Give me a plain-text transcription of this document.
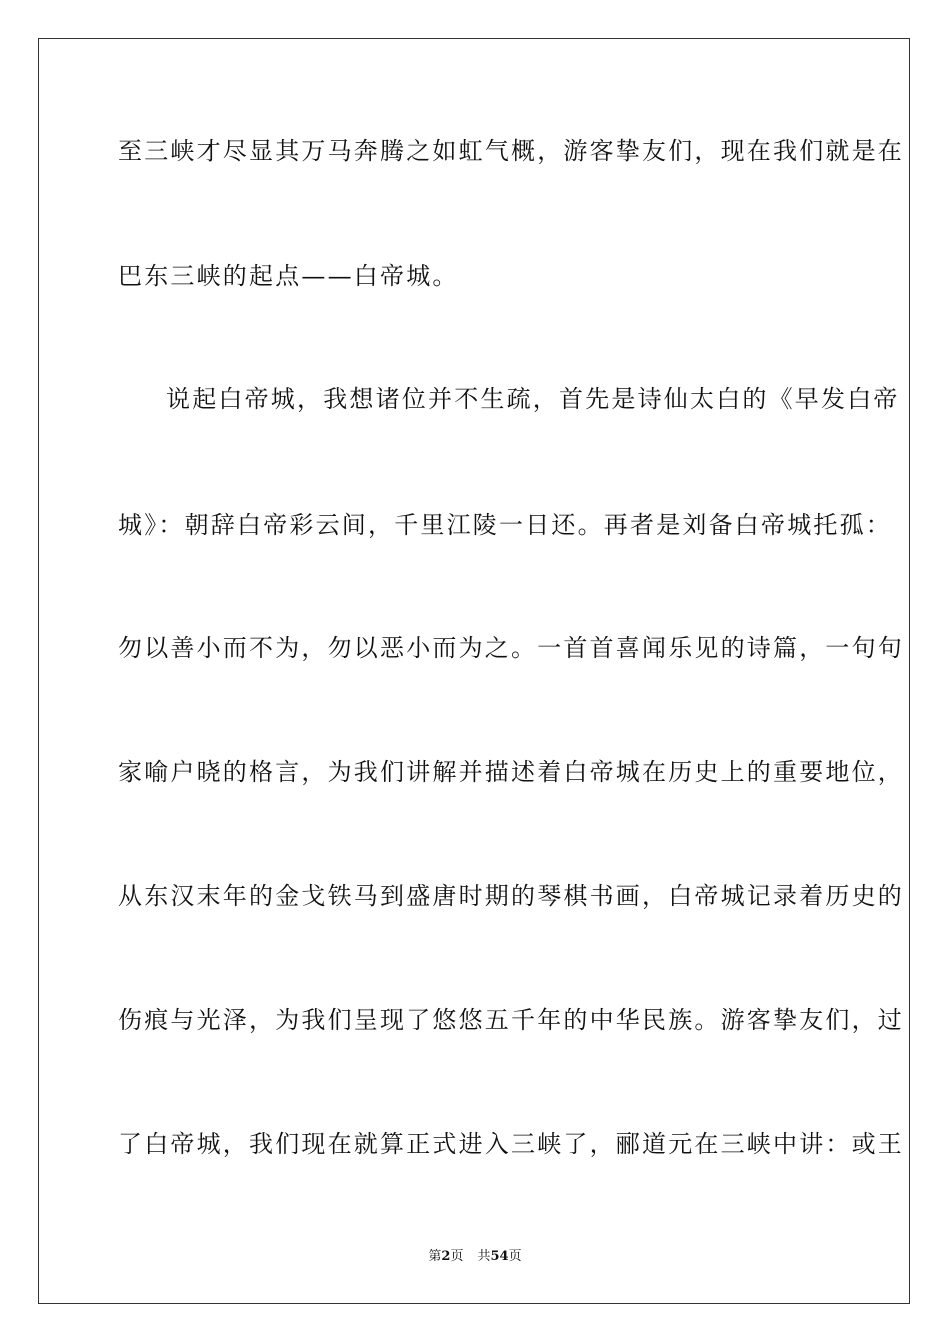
至三峡才尽显其万马奔腾之如虹气概，游客挚友们，现在我们就是在
巴东三峡的起点——白帝城。
说起白帝城，我想诸位并不生疏，首先是诗仙太白的《早发白帝
城》：朝辞白帝彩云间，千里江陵一日还。再者是刘备白帝城托孤：
勿以善小而不为，勿以恶小而为之。一首首喜闻乐见的诗篇，一句句
家喻户晓的格言，为我们讲解并描述着白帝城在历史上的重要地位，
从东汉末年的金戈铁马到盛唐时期的琴棋书画，白帝城记录着历史的
伤痕与光泽，为我们呈现了悠悠五千年的中华民族。游客挚友们，过
了白帝城，我们现在就算正式进入三峡了，郦道元在三峡中讲：或王
第2页 共54页
